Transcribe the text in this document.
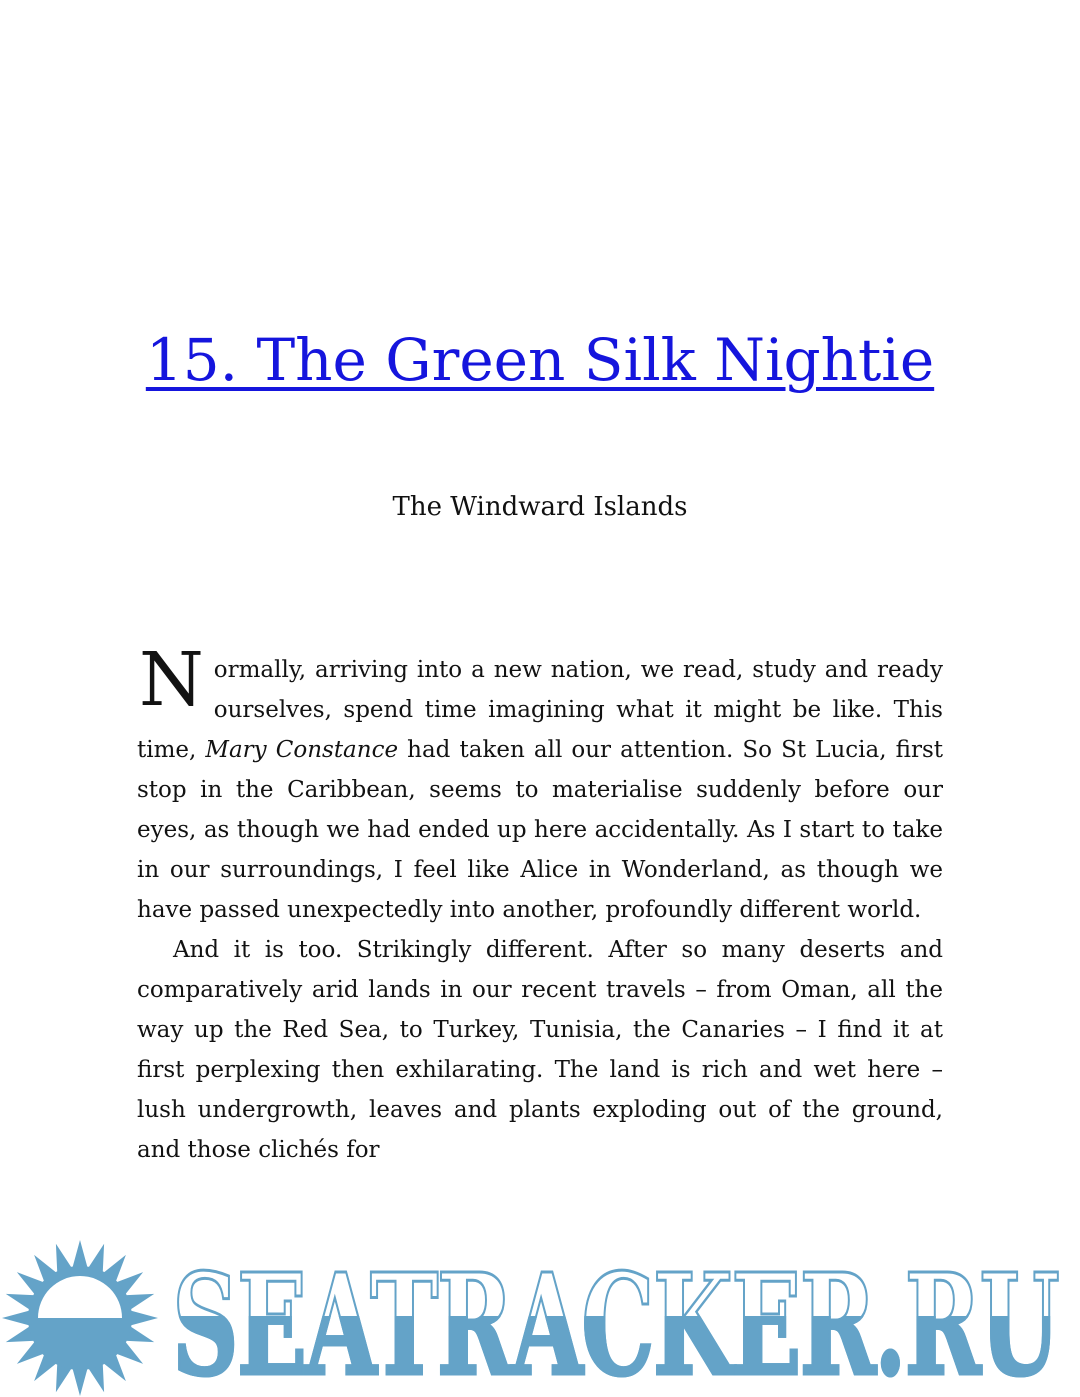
15. The Green Silk Nightie
The Windward Islands

Normally, arriving into a new nation, we read, study and ready ourselves, spend time imagining what it might be like. This time, Mary Constance had taken all our attention. So St Lucia, first stop in the Caribbean, seems to materialise suddenly before our eyes, as though we had ended up here accidentally. As I start to take in our surroundings, I feel like Alice in Wonderland, as though we have passed unexpectedly into another, profoundly different world.

And it is too. Strikingly different. After so many deserts and comparatively arid lands in our recent travels – from Oman, all the way up the Red Sea, to Turkey, Tunisia, the Canaries – I find it at first perplexing then exhilarating. The land is rich and wet here – lush undergrowth, leaves and plants exploding out of the ground, and those clichés for

SEATRACKER.RU
